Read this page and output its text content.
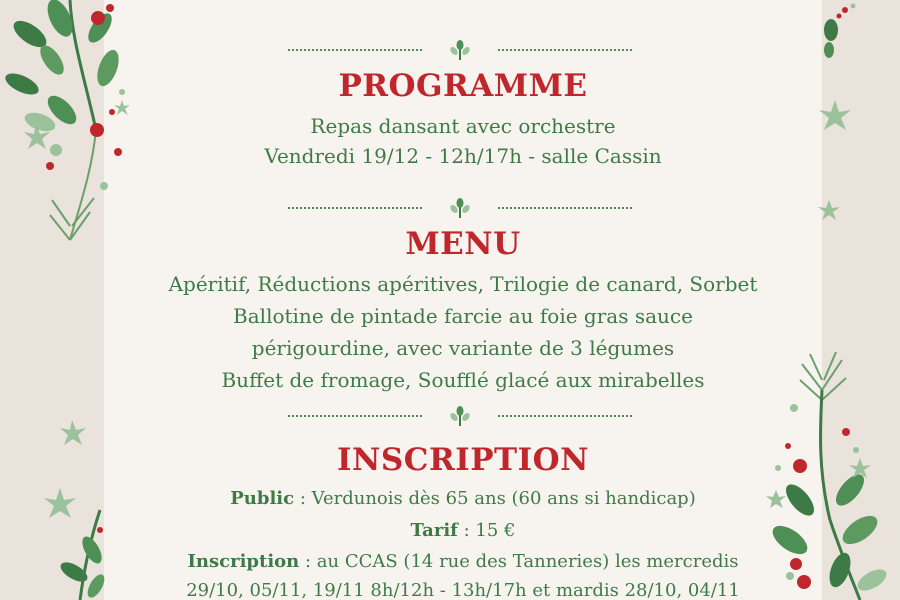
PROGRAMME
Repas dansant avec orchestre
Vendredi 19/12 - 12h/17h - salle Cassin
MENU
Apéritif, Réductions apéritives, Trilogie de canard, Sorbet
Ballotine de pintade farcie au foie gras sauce
périgourdine, avec variante de 3 légumes
Buffet de fromage, Soufflé glacé aux mirabelles
INSCRIPTION
Public : Verdunois dès 65 ans (60 ans si handicap)
Tarif : 15 €
Inscription : au CCAS (14 rue des Tanneries) les mercredis
29/10, 05/11, 19/11 8h/12h - 13h/17h et mardis 28/10, 04/11
